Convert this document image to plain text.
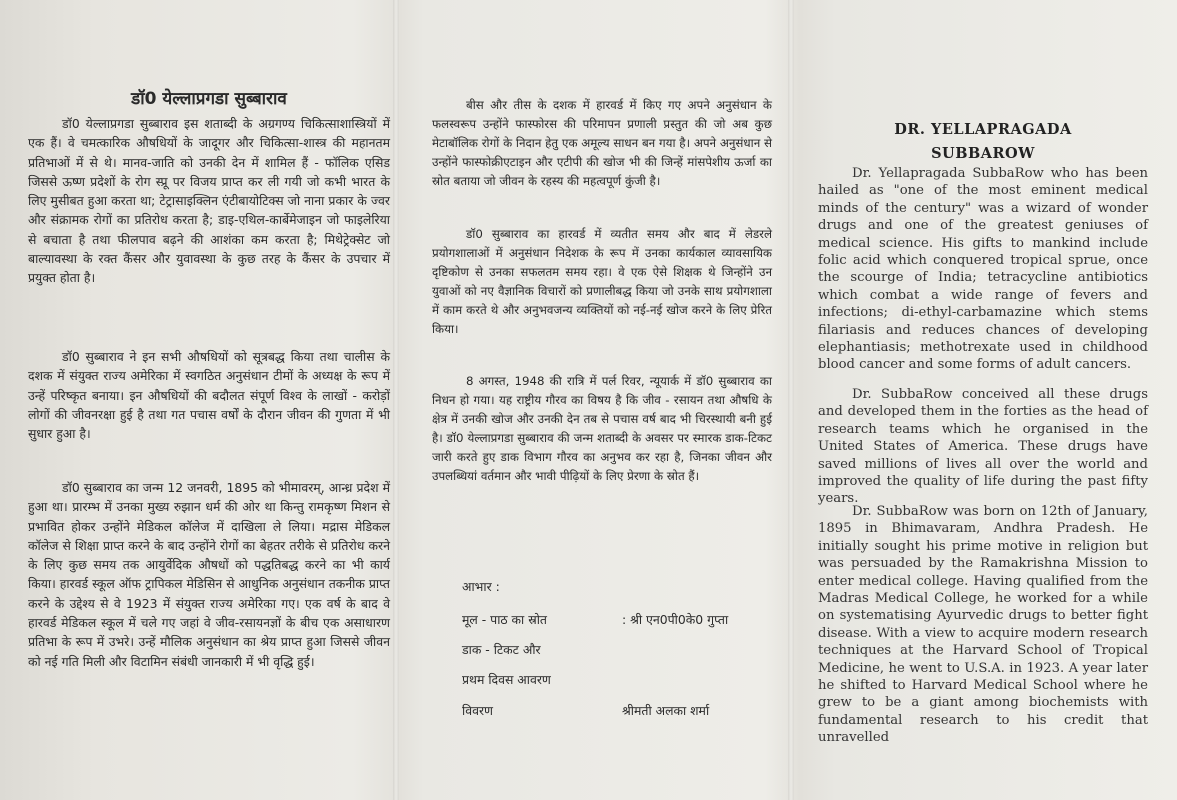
डॉ0 येल्लाप्रगडा सुब्बाराव

डॉ0 येल्लाप्रगडा सुब्बाराव इस शताब्दी के अग्रगण्य चिकित्साशास्त्रियों में एक हैं। वे चमत्कारिक औषधियों के जादूगर और चिकित्सा-शास्त्र की महानतम प्रतिभाओं में से थे। मानव-जाति को उनकी देन में शामिल हैं - फॉलिक एसिड जिससे ऊष्ण प्रदेशों के रोग स्प्रू पर विजय प्राप्त कर ली गयी जो कभी भारत के लिए मुसीबत हुआ करता था; टेट्रासाइक्लिन एंटीबायोटिक्स जो नाना प्रकार के ज्वर और संक्रामक रोगों का प्रतिरोध करता है; डाइ-एथिल-कार्बेमेजाइन जो फाइलेरिया से बचाता है तथा फीलपाव बढ़ने की आशंका कम करता है; मिथेट्रेक्सेट जो बाल्यावस्था के रक्त कैंसर और युवावस्था के कुछ तरह के कैंसर के उपचार में प्रयुक्त होता है।

डॉ0 सुब्बाराव ने इन सभी औषधियों को सूत्रबद्ध किया तथा चालीस के दशक में संयुक्त राज्य अमेरिका में स्वगठित अनुसंधान टीमों के अध्यक्ष के रूप में उन्हें परिष्कृत बनाया। इन औषधियों की बदौलत संपूर्ण विश्व के लाखों - करोड़ों लोगों की जीवनरक्षा हुई है तथा गत पचास वर्षों के दौरान जीवन की गुणता में भी सुधार हुआ है।

डॉ0 सुब्बाराव का जन्म 12 जनवरी, 1895 को भीमावरम्, आन्ध्र प्रदेश में हुआ था। प्रारम्भ में उनका मुख्य रुझान धर्म की ओर था किन्तु रामकृष्ण मिशन से प्रभावित होकर उन्होंने मेडिकल कॉलेज में दाखिला ले लिया। मद्रास मेडिकल कॉलेज से शिक्षा प्राप्त करने के बाद उन्होंने रोगों का बेहतर तरीके से प्रतिरोध करने के लिए कुछ समय तक आयुर्वेदिक औषधों को पद्धतिबद्ध करने का भी कार्य किया। हारवर्ड स्कूल ऑफ ट्रापिकल मेडिसिन से आधुनिक अनुसंधान तकनीक प्राप्त करने के उद्देश्य से वे 1923 में संयुक्त राज्य अमेरिका गए। एक वर्ष के बाद वे हारवर्ड मेडिकल स्कूल में चले गए जहां वे जीव-रसायनज्ञों के बीच एक असाधारण प्रतिभा के रूप में उभरे। उन्हें मौलिक अनुसंधान का श्रेय प्राप्त हुआ जिससे जीवन को नई गति मिली और विटामिन संबंधी जानकारी में भी वृद्धि हुई।

बीस और तीस के दशक में हारवर्ड में किए गए अपने अनुसंधान के फलस्वरूप उन्होंने फास्फोरस की परिमापन प्रणाली प्रस्तुत की जो अब कुछ मेटाबॉलिक रोगों के निदान हेतु एक अमूल्य साधन बन गया है। अपने अनुसंधान से उन्होंने फास्फोक्रीएटाइन और एटीपी की खोज भी की जिन्हें मांसपेशीय ऊर्जा का स्रोत बताया जो जीवन के रहस्य की महत्वपूर्ण कुंजी है।

डॉ0 सुब्बाराव का हारवर्ड में व्यतीत समय और बाद में लेडरले प्रयोगशालाओं में अनुसंधान निदेशक के रूप में उनका कार्यकाल व्यावसायिक दृष्टिकोण से उनका सफलतम समय रहा। वे एक ऐसे शिक्षक थे जिन्होंने उन युवाओं को नए वैज्ञानिक विचारों को प्रणालीबद्ध किया जो उनके साथ प्रयोगशाला में काम करते थे और अनुभवजन्य व्यक्तियों को नई-नई खोज करने के लिए प्रेरित किया।

8 अगस्त, 1948 की रात्रि में पर्ल रिवर, न्यूयार्क में डॉ0 सुब्बाराव का निधन हो गया। यह राष्ट्रीय गौरव का विषय है कि जीव - रसायन तथा औषधि के क्षेत्र में उनकी खोज और उनकी देन तब से पचास वर्ष बाद भी चिरस्थायी बनी हुई है। डॉ0 येल्लाप्रगडा सुब्बाराव की जन्म शताब्दी के अवसर पर स्मारक डाक-टिकट जारी करते हुए डाक विभाग गौरव का अनुभव कर रहा है, जिनका जीवन और उपलब्धियां वर्तमान और भावी पीढ़ियों के लिए प्रेरणा के स्रोत हैं।

आभार :
मूल - पाठ का स्रोत	: श्री एन0पी0के0 गुप्ता
डाक - टिकट और
प्रथम दिवस आवरण
विवरण	श्रीमती अलका शर्मा

DR. YELLAPRAGADA

SUBBAROW

Dr. Yellapragada SubbaRow who has been hailed as "one of the most eminent medical minds of the century" was a wizard of wonder drugs and one of the greatest geniuses of medical science. His gifts to mankind include folic acid which conquered tropical sprue, once the scourge of India; tetracycline antibiotics which combat a wide range of fevers and infections; di-ethyl-carbamazine which stems filariasis and reduces chances of developing elephantiasis; methotrexate used in childhood blood cancer and some forms of adult cancers.

Dr. SubbaRow conceived all these drugs and developed them in the forties as the head of research teams which he organised in the United States of America. These drugs have saved millions of lives all over the world and improved the quality of life during the past fifty years.

Dr. SubbaRow was born on 12th of January, 1895 in Bhimavaram, Andhra Pradesh. He initially sought his prime motive in religion but was persuaded by the Ramakrishna Mission to enter medical college. Having qualified from the Madras Medical College, he worked for a while on systematising Ayurvedic drugs to better fight disease. With a view to acquire modern research techniques at the Harvard School of Tropical Medicine, he went to U.S.A. in 1923. A year later he shifted to Harvard Medical School where he grew to be a giant among biochemists with fundamental research to his credit that unravelled
